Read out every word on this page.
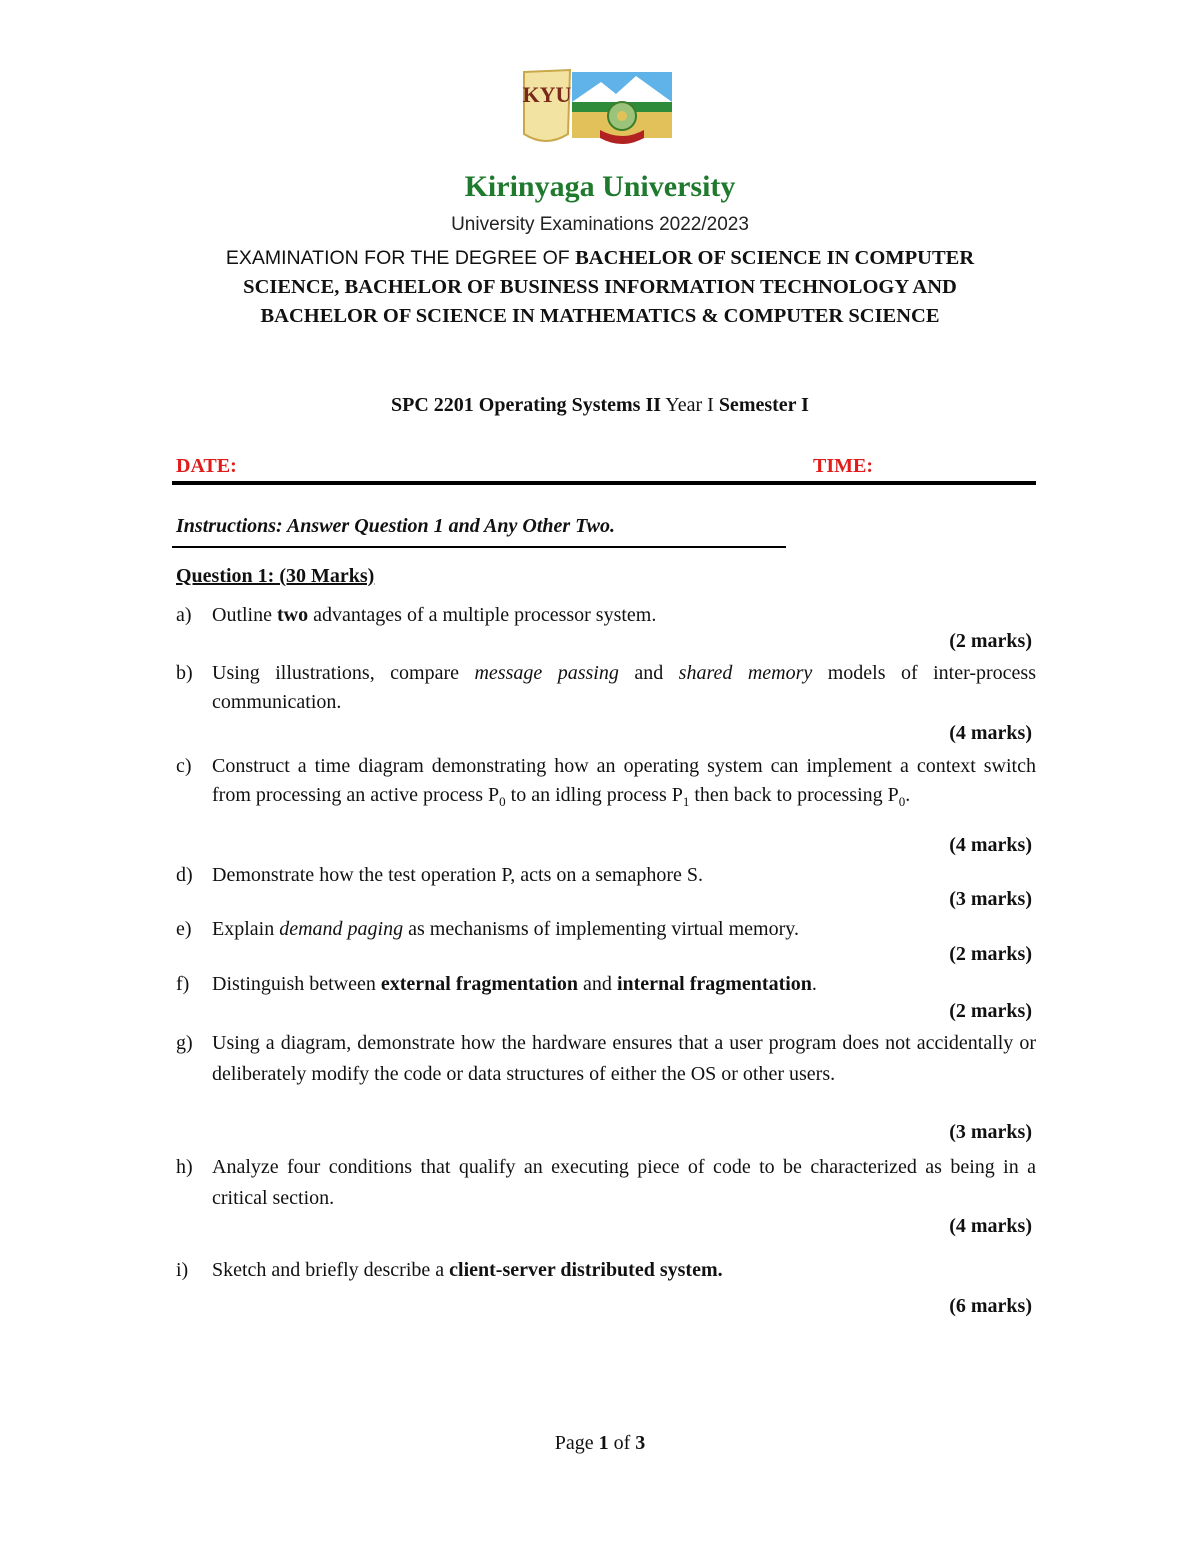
KYU
Kirinyaga University
University Examinations 2022/2023
EXAMINATION FOR THE DEGREE OF BACHELOR OF SCIENCE IN COMPUTER SCIENCE, BACHELOR OF BUSINESS INFORMATION TECHNOLOGY AND BACHELOR OF SCIENCE IN MATHEMATICS & COMPUTER SCIENCE
SPC 2201 Operating Systems II Year I Semester I
DATE:	TIME:
Instructions: Answer Question 1 and Any Other Two.
Question 1: (30 Marks)
a) Outline two advantages of a multiple processor system.
(2 marks)
b) Using illustrations, compare message passing and shared memory models of inter-process communication.
(4 marks)
c) Construct a time diagram demonstrating how an operating system can implement a context switch from processing an active process $P_0$ to an idling process $P_1$ then back to processing $P_0$.
(4 marks)
d) Demonstrate how the test operation P, acts on a semaphore S.
(3 marks)
e) Explain demand paging as mechanisms of implementing virtual memory.
(2 marks)
f) Distinguish between external fragmentation and internal fragmentation.
(2 marks)
g) Using a diagram, demonstrate how the hardware ensures that a user program does not accidentally or deliberately modify the code or data structures of either the OS or other users.
(3 marks)
h) Analyze four conditions that qualify an executing piece of code to be characterized as being in a critical section.
(4 marks)
i) Sketch and briefly describe a client-server distributed system.
(6 marks)
Page 1 of 3
